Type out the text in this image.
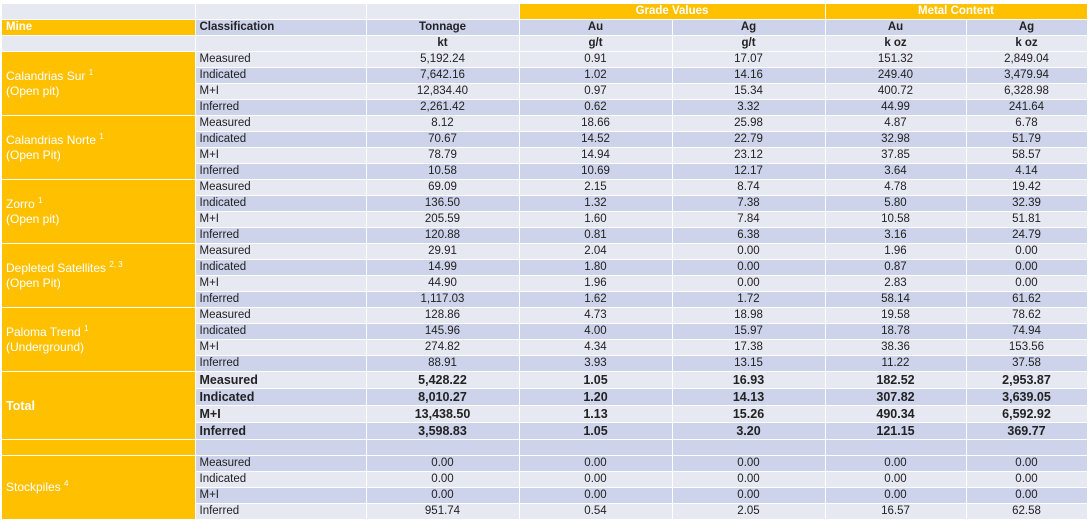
			Grade Values		Metal Content	
Mine	Classification	Tonnage	Au	Ag	Au	Ag
		kt	g/t	g/t	k oz	k oz
Calandrias Sur $^1$
(Open pit)	Measured	5,192.24	0.91	17.07	151.32	2,849.04
	Indicated	7,642.16	1.02	14.16	249.40	3,479.94
	M+I	12,834.40	0.97	15.34	400.72	6,328.98
	Inferred	2,261.42	0.62	3.32	44.99	241.64
Calandrias Norte $^1$
(Open Pit)	Measured	8.12	18.66	25.98	4.87	6.78
	Indicated	70.67	14.52	22.79	32.98	51.79
	M+I	78.79	14.94	23.12	37.85	58.57
	Inferred	10.58	10.69	12.17	3.64	4.14
Zorro $^1$
(Open pit)	Measured	69.09	2.15	8.74	4.78	19.42
	Indicated	136.50	1.32	7.38	5.80	32.39
	M+I	205.59	1.60	7.84	10.58	51.81
	Inferred	120.88	0.81	6.38	3.16	24.79
Depleted Satellites $^{2, 3}$
(Open Pit)	Measured	29.91	2.04	0.00	1.96	0.00
	Indicated	14.99	1.80	0.00	0.87	0.00
	M+I	44.90	1.96	0.00	2.83	0.00
	Inferred	1,117.03	1.62	1.72	58.14	61.62
Paloma Trend $^1$
(Underground)	Measured	128.86	4.73	18.98	19.58	78.62
	Indicated	145.96	4.00	15.97	18.78	74.94
	M+I	274.82	4.34	17.38	38.36	153.56
	Inferred	88.91	3.93	13.15	11.22	37.58
Total	Measured	5,428.22	1.05	16.93	182.52	2,953.87
	Indicated	8,010.27	1.20	14.13	307.82	3,639.05
	M+I	13,438.50	1.13	15.26	490.34	6,592.92
	Inferred	3,598.83	1.05	3.20	121.15	369.77

Stockpiles $^4$	Measured	0.00	0.00	0.00	0.00	0.00
	Indicated	0.00	0.00	0.00	0.00	0.00
	M+I	0.00	0.00	0.00	0.00	0.00
	Inferred	951.74	0.54	2.05	16.57	62.58
